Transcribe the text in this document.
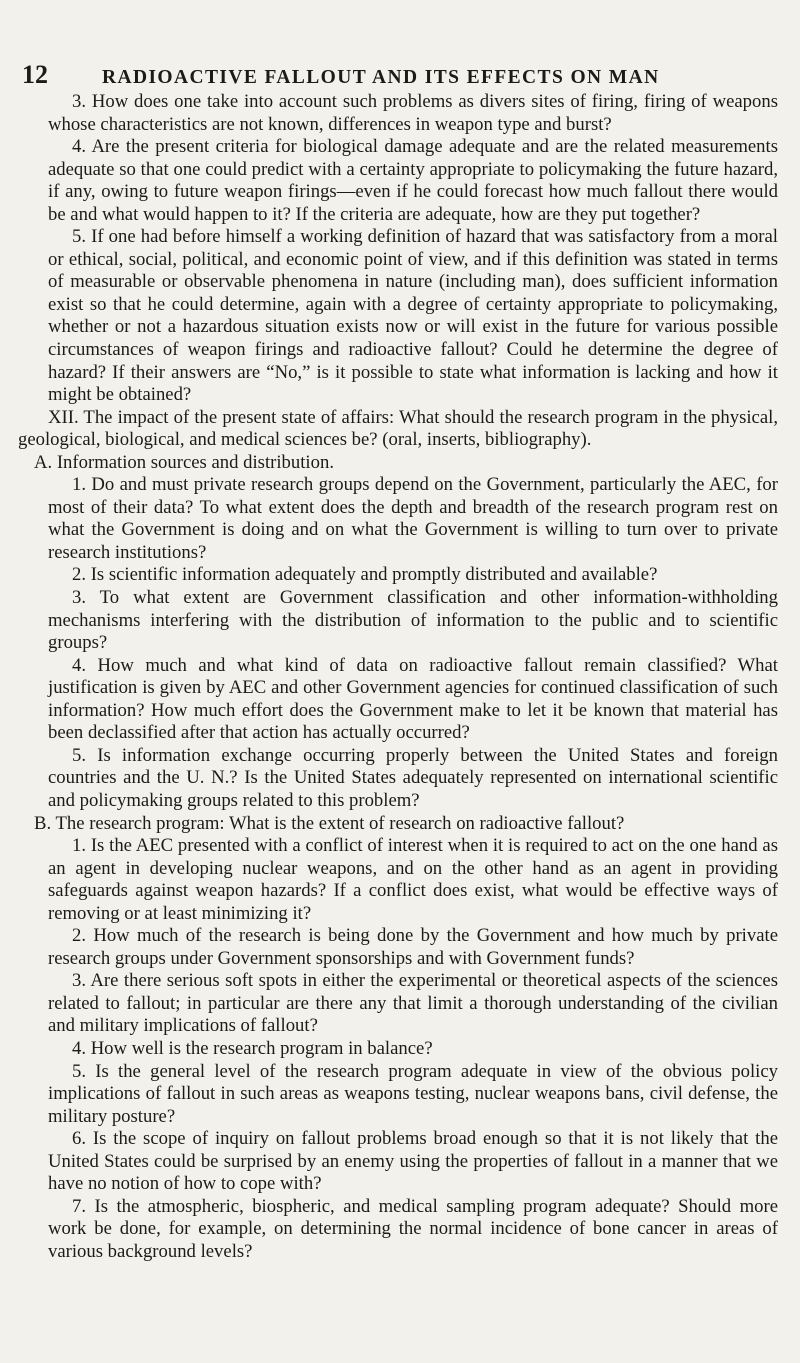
12	RADIOACTIVE FALLOUT AND ITS EFFECTS ON MAN

3. How does one take into account such problems as divers sites of firing, firing of weapons whose characteristics are not known, differences in weapon type and burst?

4. Are the present criteria for biological damage adequate and are the related measurements adequate so that one could predict with a certainty appropriate to policymaking the future hazard, if any, owing to future weapon firings—even if he could forecast how much fallout there would be and what would happen to it? If the criteria are adequate, how are they put together?

5. If one had before himself a working definition of hazard that was satisfactory from a moral or ethical, social, political, and economic point of view, and if this definition was stated in terms of measurable or observable phenomena in nature (including man), does sufficient information exist so that he could determine, again with a degree of certainty appropriate to policymaking, whether or not a hazardous situation exists now or will exist in the future for various possible circumstances of weapon firings and radioactive fallout? Could he determine the degree of hazard? If their answers are “No,” is it possible to state what information is lacking and how it might be obtained?

XII. The impact of the present state of affairs: What should the research program in the physical, geological, biological, and medical sciences be? (oral, inserts, bibliography).

A. Information sources and distribution.

1. Do and must private research groups depend on the Government, particularly the AEC, for most of their data? To what extent does the depth and breadth of the research program rest on what the Government is doing and on what the Government is willing to turn over to private research institutions?

2. Is scientific information adequately and promptly distributed and available?

3. To what extent are Government classification and other information-withholding mechanisms interfering with the distribution of information to the public and to scientific groups?

4. How much and what kind of data on radioactive fallout remain classified? What justification is given by AEC and other Government agencies for continued classification of such information? How much effort does the Government make to let it be known that material has been declassified after that action has actually occurred?

5. Is information exchange occurring properly between the United States and foreign countries and the U. N.? Is the United States adequately represented on international scientific and policymaking groups related to this problem?

B. The research program: What is the extent of research on radioactive fallout?

1. Is the AEC presented with a conflict of interest when it is required to act on the one hand as an agent in developing nuclear weapons, and on the other hand as an agent in providing safeguards against weapon hazards? If a conflict does exist, what would be effective ways of removing or at least minimizing it?

2. How much of the research is being done by the Government and how much by private research groups under Government sponsorships and with Government funds?

3. Are there serious soft spots in either the experimental or theoretical aspects of the sciences related to fallout; in particular are there any that limit a thorough understanding of the civilian and military implications of fallout?

4. How well is the research program in balance?

5. Is the general level of the research program adequate in view of the obvious policy implications of fallout in such areas as weapons testing, nuclear weapons bans, civil defense, the military posture?

6. Is the scope of inquiry on fallout problems broad enough so that it is not likely that the United States could be surprised by an enemy using the properties of fallout in a manner that we have no notion of how to cope with?

7. Is the atmospheric, biospheric, and medical sampling program adequate? Should more work be done, for example, on determining the normal incidence of bone cancer in areas of various background levels?
